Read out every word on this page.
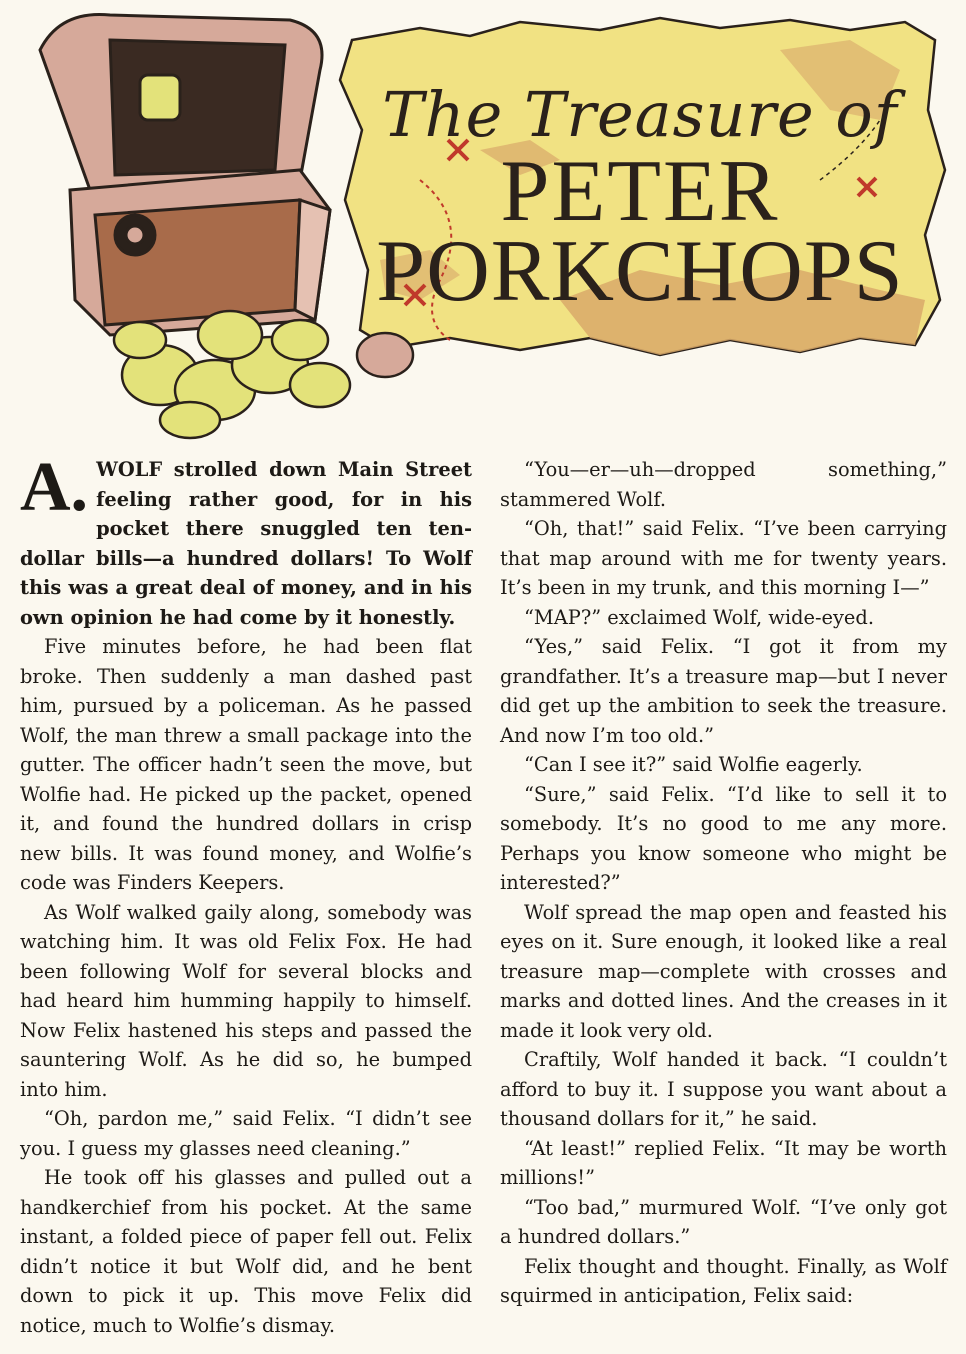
The Treasure of
PETER
PORKCHOPS
A. WOLF strolled down Main Street feeling rather good, for in his pocket there snuggled ten ten-dollar bills—a hundred dollars! To Wolf this was a great deal of money, and in his own opinion he had come by it honestly.

Five minutes before, he had been flat broke. Then suddenly a man dashed past him, pursued by a policeman. As he passed Wolf, the man threw a small package into the gutter. The officer hadn’t seen the move, but Wolfie had. He picked up the packet, opened it, and found the hundred dollars in crisp new bills. It was found money, and Wolfie’s code was Finders Keepers.

As Wolf walked gaily along, somebody was watching him. It was old Felix Fox. He had been following Wolf for several blocks and had heard him humming happily to himself. Now Felix hastened his steps and passed the sauntering Wolf. As he did so, he bumped into him.

“Oh, pardon me,” said Felix. “I didn’t see you. I guess my glasses need cleaning.”

He took off his glasses and pulled out a handkerchief from his pocket. At the same instant, a folded piece of paper fell out. Felix didn’t notice it but Wolf did, and he bent down to pick it up. This move Felix did notice, much to Wolfie’s dismay.

“You—er—uh—dropped something,” stammered Wolf.

“Oh, that!” said Felix. “I’ve been carrying that map around with me for twenty years. It’s been in my trunk, and this morning I—”

“MAP?” exclaimed Wolf, wide-eyed.

“Yes,” said Felix. “I got it from my grandfather. It’s a treasure map—but I never did get up the ambition to seek the treasure. And now I’m too old.”

“Can I see it?” said Wolfie eagerly.

“Sure,” said Felix. “I’d like to sell it to somebody. It’s no good to me any more. Perhaps you know someone who might be interested?”

Wolf spread the map open and feasted his eyes on it. Sure enough, it looked like a real treasure map—complete with crosses and marks and dotted lines. And the creases in it made it look very old.

Craftily, Wolf handed it back. “I couldn’t afford to buy it. I suppose you want about a thousand dollars for it,” he said.

“At least!” replied Felix. “It may be worth millions!”

“Too bad,” murmured Wolf. “I’ve only got a hundred dollars.”

Felix thought and thought. Finally, as Wolf squirmed in anticipation, Felix said:
